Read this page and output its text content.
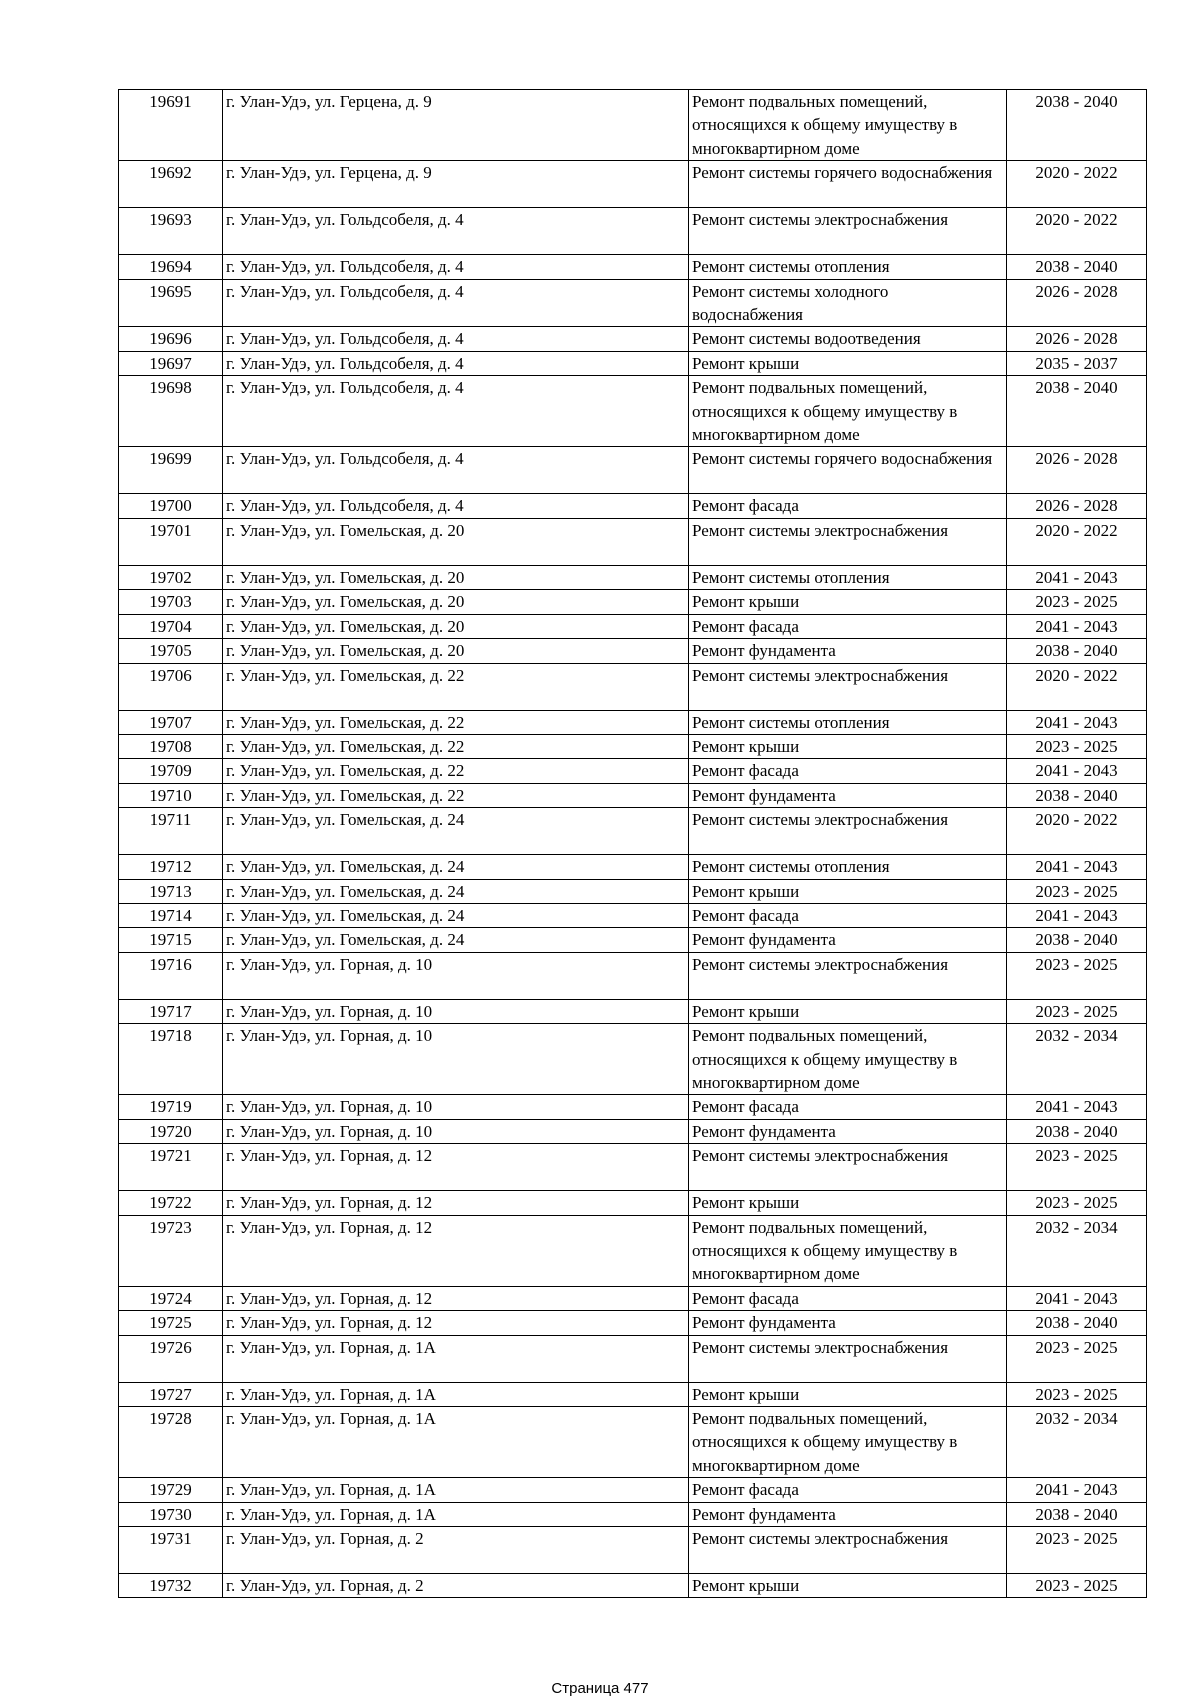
19691	г. Улан-Удэ, ул. Герцена, д. 9	Ремонт подвальных помещений, относящихся к общему имуществу в многоквартирном доме	2038 - 2040
19692	г. Улан-Удэ, ул. Герцена, д. 9	Ремонт системы горячего водоснабжения	2020 - 2022
19693	г. Улан-Удэ, ул. Гольдсобеля, д. 4	Ремонт системы электроснабжения	2020 - 2022
19694	г. Улан-Удэ, ул. Гольдсобеля, д. 4	Ремонт системы отопления	2038 - 2040
19695	г. Улан-Удэ, ул. Гольдсобеля, д. 4	Ремонт системы холодного водоснабжения	2026 - 2028
19696	г. Улан-Удэ, ул. Гольдсобеля, д. 4	Ремонт системы водоотведения	2026 - 2028
19697	г. Улан-Удэ, ул. Гольдсобеля, д. 4	Ремонт крыши	2035 - 2037
19698	г. Улан-Удэ, ул. Гольдсобеля, д. 4	Ремонт подвальных помещений, относящихся к общему имуществу в многоквартирном доме	2038 - 2040
19699	г. Улан-Удэ, ул. Гольдсобеля, д. 4	Ремонт системы горячего водоснабжения	2026 - 2028
19700	г. Улан-Удэ, ул. Гольдсобеля, д. 4	Ремонт фасада	2026 - 2028
19701	г. Улан-Удэ, ул. Гомельская, д. 20	Ремонт системы электроснабжения	2020 - 2022
19702	г. Улан-Удэ, ул. Гомельская, д. 20	Ремонт системы отопления	2041 - 2043
19703	г. Улан-Удэ, ул. Гомельская, д. 20	Ремонт крыши	2023 - 2025
19704	г. Улан-Удэ, ул. Гомельская, д. 20	Ремонт фасада	2041 - 2043
19705	г. Улан-Удэ, ул. Гомельская, д. 20	Ремонт фундамента	2038 - 2040
19706	г. Улан-Удэ, ул. Гомельская, д. 22	Ремонт системы электроснабжения	2020 - 2022
19707	г. Улан-Удэ, ул. Гомельская, д. 22	Ремонт системы отопления	2041 - 2043
19708	г. Улан-Удэ, ул. Гомельская, д. 22	Ремонт крыши	2023 - 2025
19709	г. Улан-Удэ, ул. Гомельская, д. 22	Ремонт фасада	2041 - 2043
19710	г. Улан-Удэ, ул. Гомельская, д. 22	Ремонт фундамента	2038 - 2040
19711	г. Улан-Удэ, ул. Гомельская, д. 24	Ремонт системы электроснабжения	2020 - 2022
19712	г. Улан-Удэ, ул. Гомельская, д. 24	Ремонт системы отопления	2041 - 2043
19713	г. Улан-Удэ, ул. Гомельская, д. 24	Ремонт крыши	2023 - 2025
19714	г. Улан-Удэ, ул. Гомельская, д. 24	Ремонт фасада	2041 - 2043
19715	г. Улан-Удэ, ул. Гомельская, д. 24	Ремонт фундамента	2038 - 2040
19716	г. Улан-Удэ, ул. Горная, д. 10	Ремонт системы электроснабжения	2023 - 2025
19717	г. Улан-Удэ, ул. Горная, д. 10	Ремонт крыши	2023 - 2025
19718	г. Улан-Удэ, ул. Горная, д. 10	Ремонт подвальных помещений, относящихся к общему имуществу в многоквартирном доме	2032 - 2034
19719	г. Улан-Удэ, ул. Горная, д. 10	Ремонт фасада	2041 - 2043
19720	г. Улан-Удэ, ул. Горная, д. 10	Ремонт фундамента	2038 - 2040
19721	г. Улан-Удэ, ул. Горная, д. 12	Ремонт системы электроснабжения	2023 - 2025
19722	г. Улан-Удэ, ул. Горная, д. 12	Ремонт крыши	2023 - 2025
19723	г. Улан-Удэ, ул. Горная, д. 12	Ремонт подвальных помещений, относящихся к общему имуществу в многоквартирном доме	2032 - 2034
19724	г. Улан-Удэ, ул. Горная, д. 12	Ремонт фасада	2041 - 2043
19725	г. Улан-Удэ, ул. Горная, д. 12	Ремонт фундамента	2038 - 2040
19726	г. Улан-Удэ, ул. Горная, д. 1А	Ремонт системы электроснабжения	2023 - 2025
19727	г. Улан-Удэ, ул. Горная, д. 1А	Ремонт крыши	2023 - 2025
19728	г. Улан-Удэ, ул. Горная, д. 1А	Ремонт подвальных помещений, относящихся к общему имуществу в многоквартирном доме	2032 - 2034
19729	г. Улан-Удэ, ул. Горная, д. 1А	Ремонт фасада	2041 - 2043
19730	г. Улан-Удэ, ул. Горная, д. 1А	Ремонт фундамента	2038 - 2040
19731	г. Улан-Удэ, ул. Горная, д. 2	Ремонт системы электроснабжения	2023 - 2025
19732	г. Улан-Удэ, ул. Горная, д. 2	Ремонт крыши	2023 - 2025
Страница 477
